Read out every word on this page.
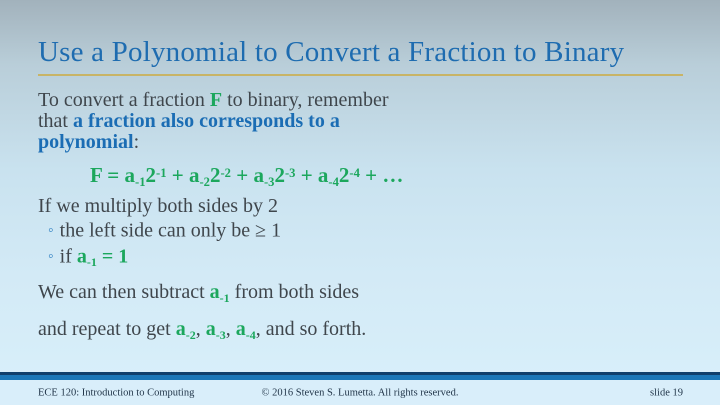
Use a Polynomial to Convert a Fraction to Binary
To convert a fraction F to binary, remember
that a fraction also corresponds to a
polynomial:
$F = a-12^{-1} + a-22^{-2} + a-32^{-3} + a-42^{-4}$ + …
If we multiply both sides by 2
◦ the left side can only be ≥ 1
◦ if a-1 = 1
We can then subtract a-1 from both sides
and repeat to get a-2, a-3, a-4, and so forth.
ECE 120: Introduction to Computing	© 2016 Steven S. Lumetta. All rights reserved.	slide 19
